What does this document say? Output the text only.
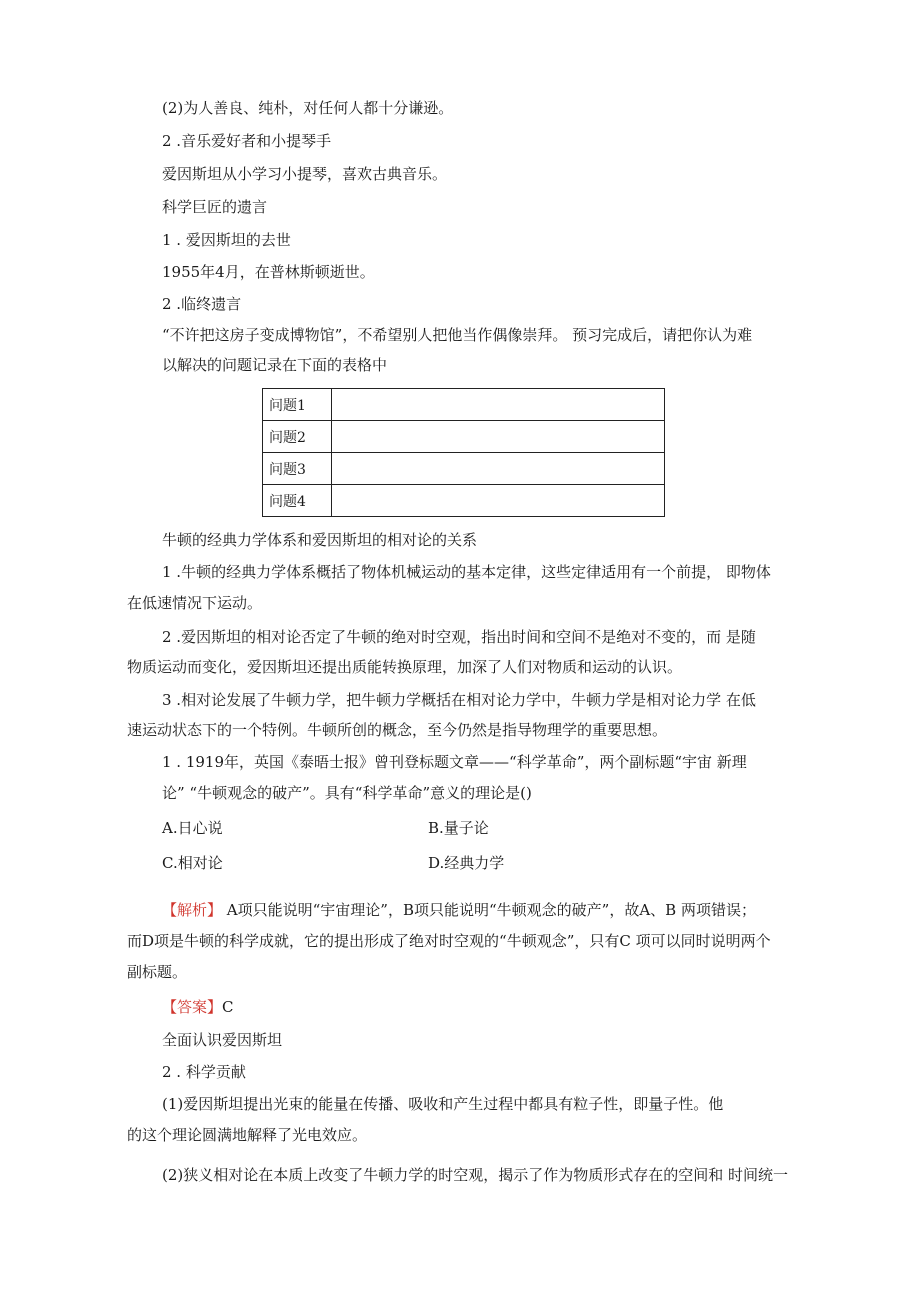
(2)为人善良、纯朴，对任何人都十分谦逊。
2 .音乐爱好者和小提琴手
爱因斯坦从小学习小提琴，喜欢古典音乐。
科学巨匠的遗言
1 . 爱因斯坦的去世
1955年4月，在普林斯顿逝世。
2 .临终遗言
“不许把这房子变成博物馆”，不希望别人把他当作偶像崇拜。 预习完成后，请把你认为难
以解决的问题记录在下面的表格中
问题1	
问题2	
问题3	
问题4	
牛顿的经典力学体系和爱因斯坦的相对论的关系
1 .牛顿的经典力学体系概括了物体机械运动的基本定律，这些定律适用有一个前提， 即物体
在低速情况下运动。
2 .爱因斯坦的相对论否定了牛顿的绝对时空观，指出时间和空间不是绝对不变的，而 是随
物质运动而变化，爱因斯坦还提出质能转换原理，加深了人们对物质和运动的认识。
3 .相对论发展了牛顿力学，把牛顿力学概括在相对论力学中，牛顿力学是相对论力学 在低
速运动状态下的一个特例。牛顿所创的概念，至今仍然是指导物理学的重要思想。
1 . 1919年，英国《泰晤士报》曾刊登标题文章——“科学革命”，两个副标题“宇宙 新理
论” “牛顿观念的破产”。具有“科学革命”意义的理论是()
A.日心说	B.量子论
C.相对论	D.经典力学
【解析】 A项只能说明“宇宙理论”，B项只能说明“牛顿观念的破产”，故A、B 两项错误；
而D项是牛顿的科学成就，它的提出形成了绝对时空观的“牛顿观念”，只有C 项可以同时说明两个
副标题。
【答案】C
全面认识爱因斯坦
2 . 科学贡献
(1)爱因斯坦提出光束的能量在传播、吸收和产生过程中都具有粒子性，即量子性。他
的这个理论圆满地解释了光电效应。
(2)狭义相对论在本质上改变了牛顿力学的时空观，揭示了作为物质形式存在的空间和 时间统一
